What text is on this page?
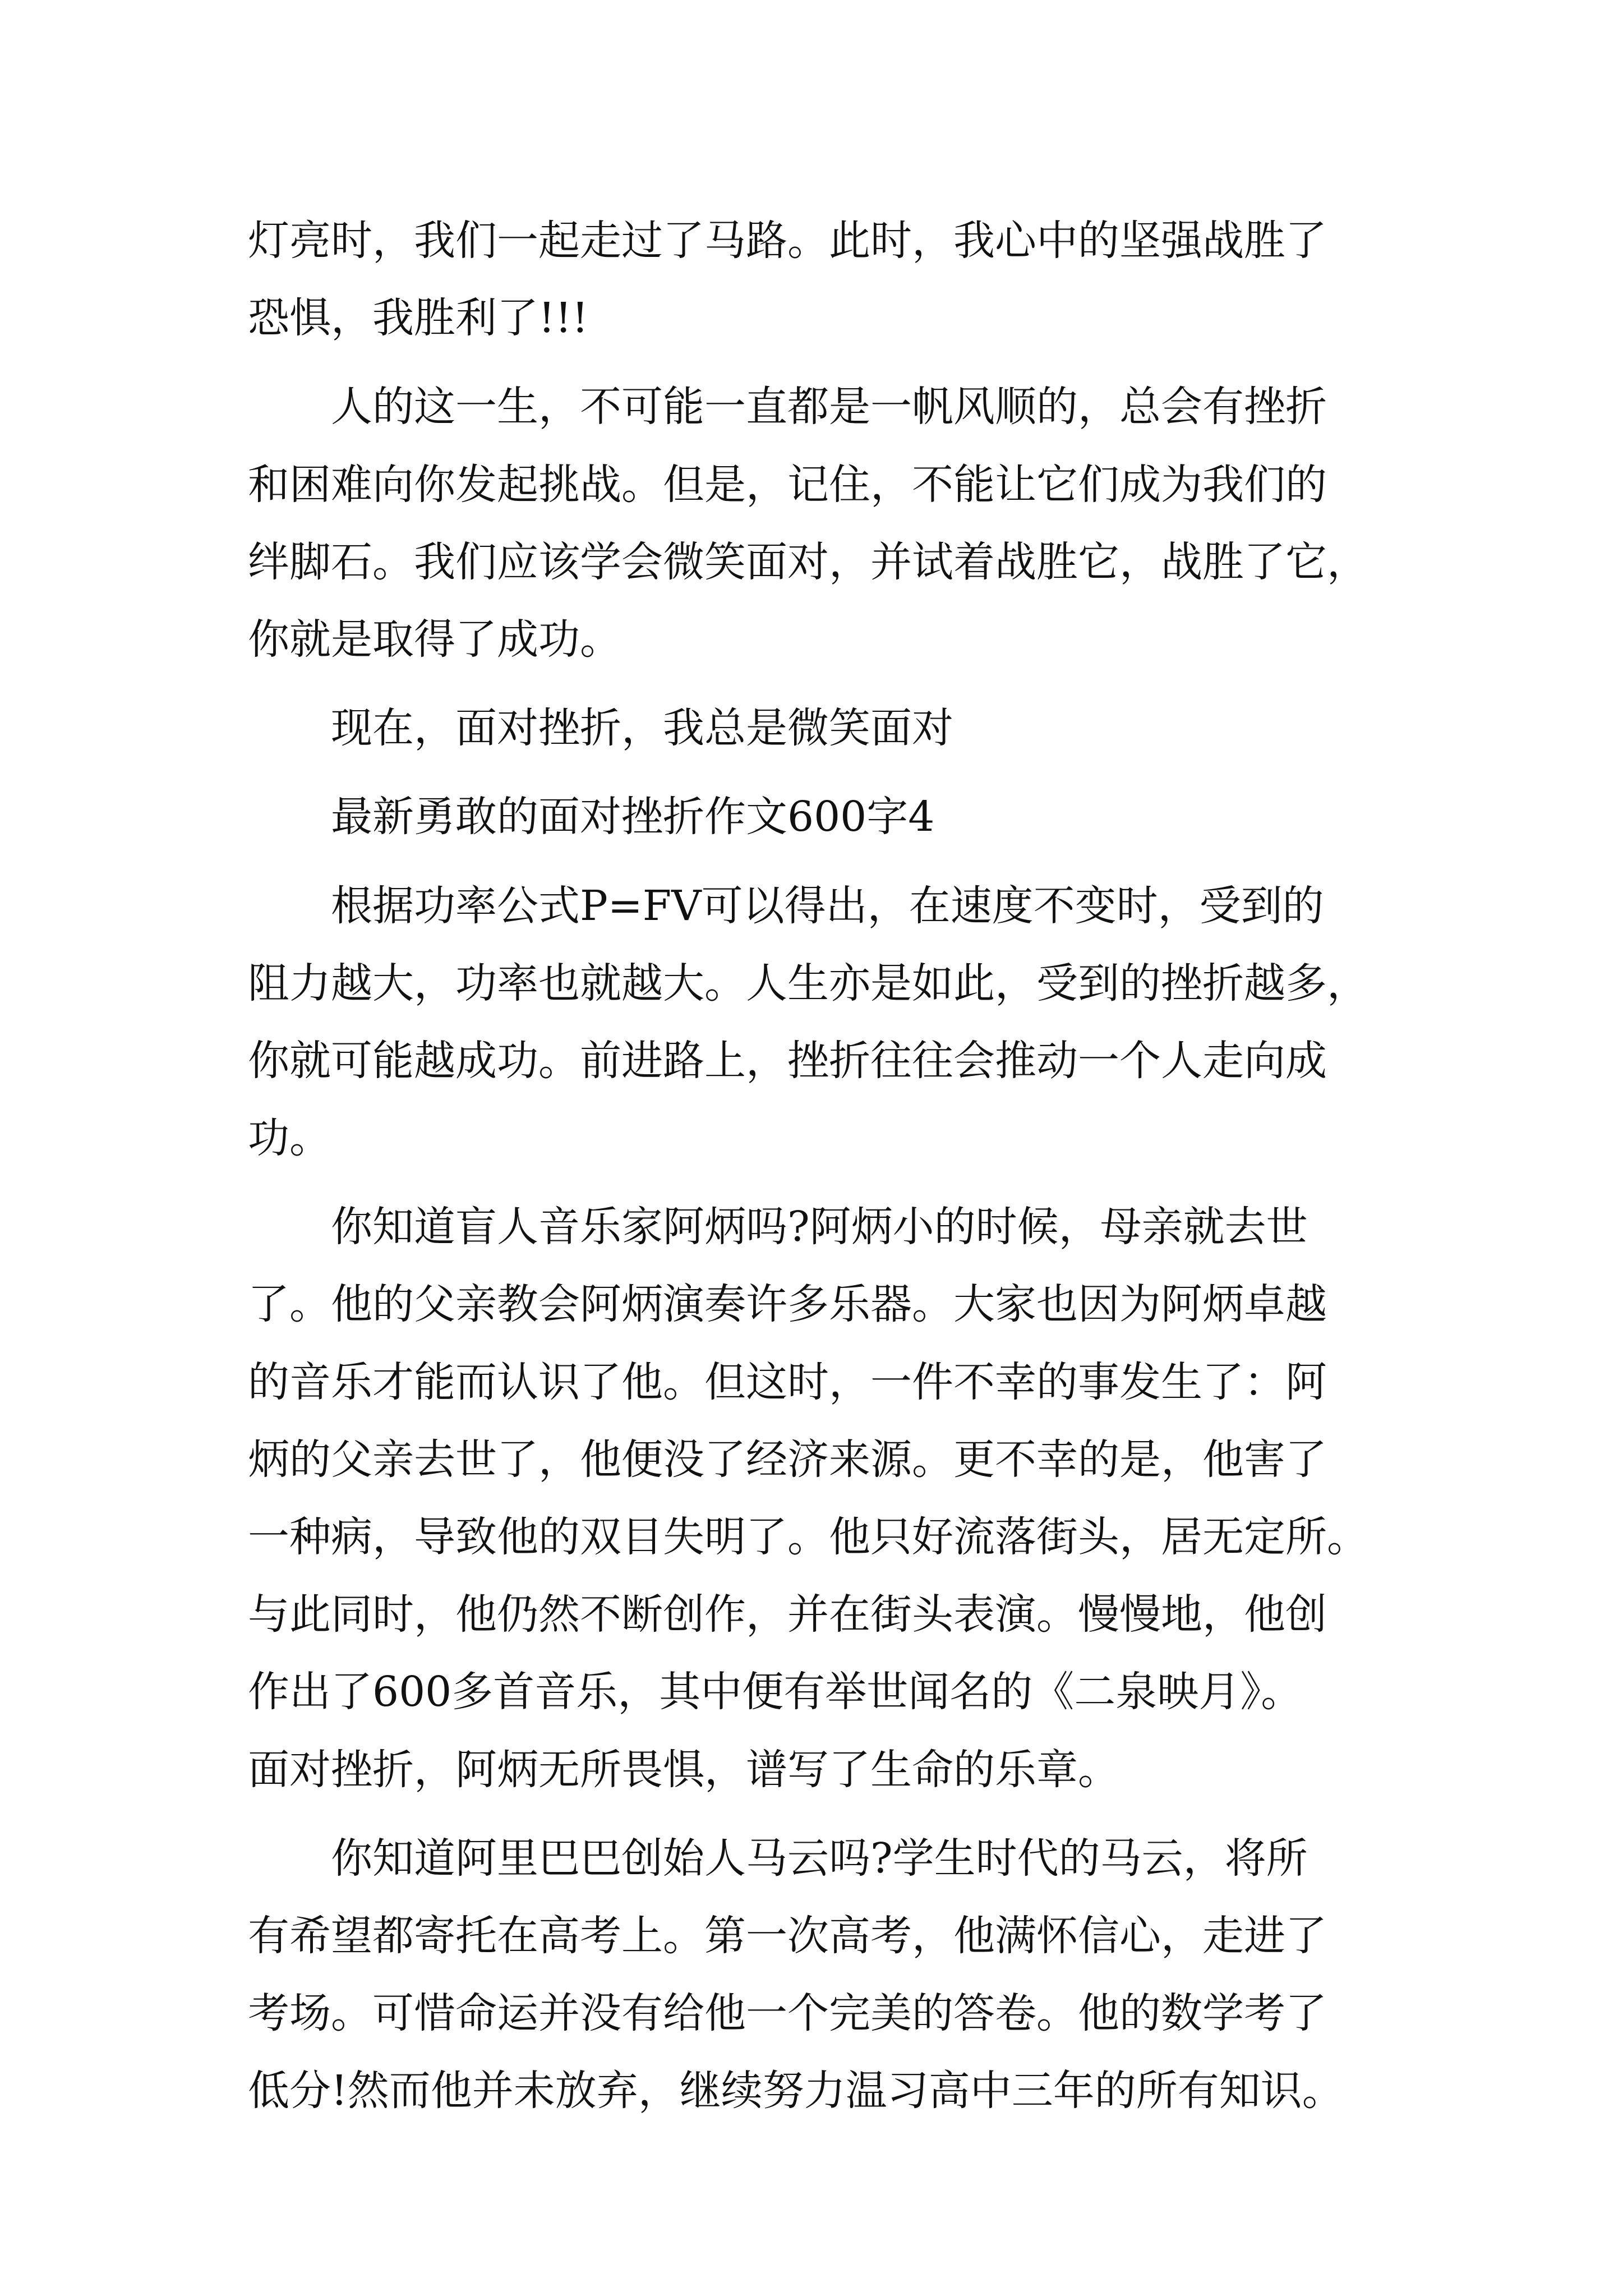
灯亮时，我们一起走过了马路。此时，我心中的坚强战胜了
恐惧，我胜利了!!!
　　人的这一生，不可能一直都是一帆风顺的，总会有挫折
和困难向你发起挑战。但是，记住，不能让它们成为我们的
绊脚石。我们应该学会微笑面对，并试着战胜它，战胜了它，
你就是取得了成功。
　　现在，面对挫折，我总是微笑面对
　　最新勇敢的面对挫折作文600字4
　　根据功率公式P=FV可以得出，在速度不变时，受到的
阻力越大，功率也就越大。人生亦是如此，受到的挫折越多，
你就可能越成功。前进路上，挫折往往会推动一个人走向成
功。
　　你知道盲人音乐家阿炳吗?阿炳小的时候，母亲就去世
了。他的父亲教会阿炳演奏许多乐器。大家也因为阿炳卓越
的音乐才能而认识了他。但这时，一件不幸的事发生了：阿
炳的父亲去世了，他便没了经济来源。更不幸的是，他害了
一种病，导致他的双目失明了。他只好流落街头，居无定所。
与此同时，他仍然不断创作，并在街头表演。慢慢地，他创
作出了600多首音乐，其中便有举世闻名的《二泉映月》。
面对挫折，阿炳无所畏惧，谱写了生命的乐章。
　　你知道阿里巴巴创始人马云吗?学生时代的马云，将所
有希望都寄托在高考上。第一次高考，他满怀信心，走进了
考场。可惜命运并没有给他一个完美的答卷。他的数学考了
低分!然而他并未放弃，继续努力温习高中三年的所有知识。
